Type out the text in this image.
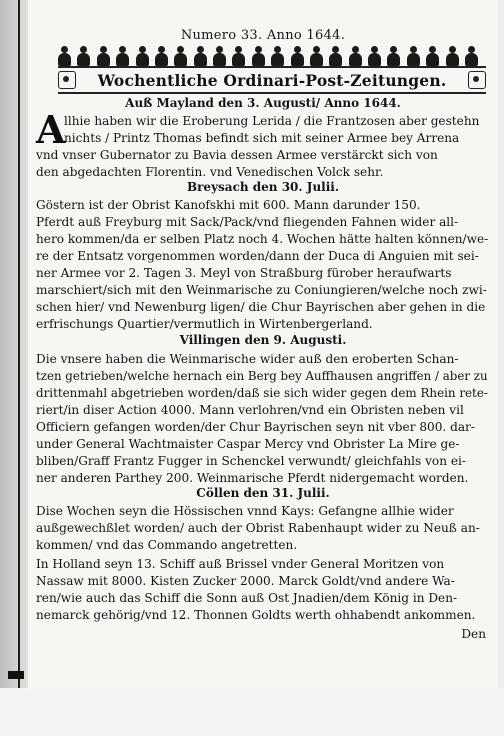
Numero 33. Anno 1644.
Wochentliche Ordinari-Post-Zeitungen.
Auß Mayland den 3. Augusti/ Anno 1644.
A
llhie haben wir die Eroberung Lerida / die Frantzosen aber gestehn
nichts / Printz Thomas befindt sich mit seiner Armee bey Arrena
vnd vnser Gubernator zu Bavia dessen Armee verstärckt sich von
den abgedachten Florentin. vnd Venedischen Volck sehr.
Breysach den 30. Julii.
Göstern ist der Obrist Kanofskhi mit 600. Mann darunder 150.
Pferdt auß Freyburg mit Sack/Pack/vnd fliegenden Fahnen wider all-
hero kommen/da er selben Platz noch 4. Wochen hätte halten können/we-
re der Entsatz vorgenommen worden/dann der Duca di Anguien mit sei-
ner Armee vor 2. Tagen 3. Meyl von Straßburg fürober heraufwarts
marschiert/sich mit den Weinmarische zu Coniungieren/welche noch zwi-
schen hier/ vnd Newenburg ligen/ die Chur Bayrischen aber gehen in die
erfrischungs Quartier/vermutlich in Wirtenbergerland.
Villingen den 9. Augusti.
Die vnsere haben die Weinmarische wider auß den eroberten Schan-
tzen getrieben/welche hernach ein Berg bey Auffhausen angriffen / aber zu
drittenmahl abgetrieben worden/daß sie sich wider gegen dem Rhein rete-
riert/in diser Action 4000. Mann verlohren/vnd ein Obristen neben vil
Officiern gefangen worden/der Chur Bayrischen seyn nit vber 800. dar-
under General Wachtmaister Caspar Mercy vnd Obrister La Mire ge-
bliben/Graff Frantz Fugger in Schenckel verwundt/ gleichfahls von ei-
ner anderen Parthey 200. Weinmarische Pferdt nidergemacht worden.
Cöllen den 31. Julii.
Dise Wochen seyn die Hössischen vnnd Kays: Gefangne allhie wider
außgewechßlet worden/ auch der Obrist Rabenhaupt wider zu Neuß an-
kommen/ vnd das Commando angetretten.
In Holland seyn 13. Schiff auß Brissel vnder General Moritzen von
Nassaw mit 8000. Kisten Zucker 2000. Marck Goldt/vnd andere Wa-
ren/wie auch das Schiff die Sonn auß Ost Jnadien/dem König in Den-
nemarck gehörig/vnd 12. Thonnen Goldts werth ohhabendt ankommen.
Den
